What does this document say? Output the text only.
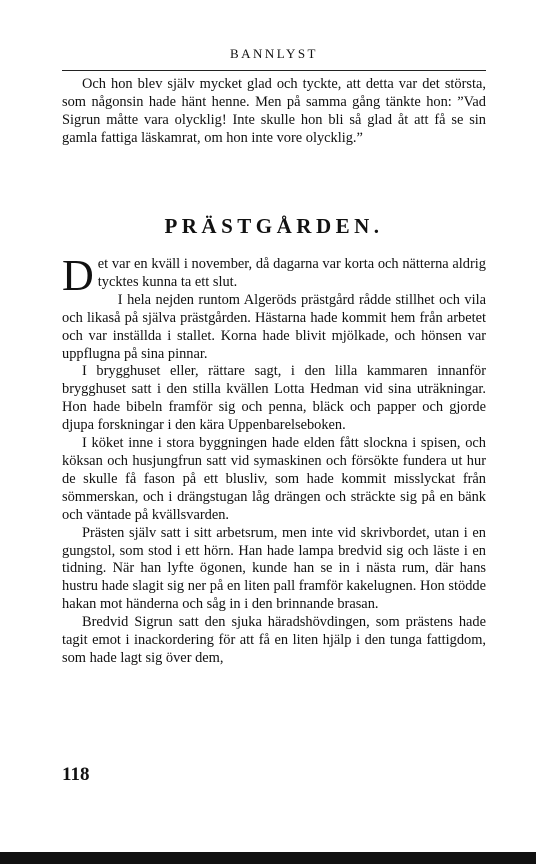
BANNLYST

Och hon blev själv mycket glad och tyckte, att detta var det största, som någonsin hade hänt henne. Men på samma gång tänkte hon: ”Vad Sigrun måtte vara olycklig! Inte skulle hon bli så glad åt att få se sin gamla fattiga läskamrat, om hon inte vore olycklig.”

PRÄSTGÅRDEN.

Det var en kväll i november, då dagarna var korta och nätterna aldrig tycktes kunna ta ett slut.

I hela nejden runtom Algeröds prästgård rådde stillhet och vila och likaså på själva prästgården. Hästarna hade kommit hem från arbetet och var inställda i stallet. Korna hade blivit mjölkade, och hönsen var uppflugna på sina pinnar.

I brygghuset eller, rättare sagt, i den lilla kammaren innanför brygghuset satt i den stilla kvällen Lotta Hedman vid sina uträkningar. Hon hade bibeln framför sig och penna, bläck och papper och gjorde djupa forskningar i den kära Uppenbarelseboken.

I köket inne i stora byggningen hade elden fått slockna i spisen, och köksan och husjungfrun satt vid symaskinen och försökte fundera ut hur de skulle få fason på ett blusliv, som hade kommit misslyckat från sömmerskan, och i drängstugan låg drängen och sträckte sig på en bänk och väntade på kvällsvarden.

Prästen själv satt i sitt arbetsrum, men inte vid skrivbordet, utan i en gungstol, som stod i ett hörn. Han hade lampa bredvid sig och läste i en tidning. När han lyfte ögonen, kunde han se in i nästa rum, där hans hustru hade slagit sig ner på en liten pall framför kakelugnen. Hon stödde hakan mot händerna och såg in i den brinnande brasan.

Bredvid Sigrun satt den sjuka häradshövdingen, som prästens hade tagit emot i inackordering för att få en liten hjälp i den tunga fattigdom, som hade lagt sig över dem,

118
